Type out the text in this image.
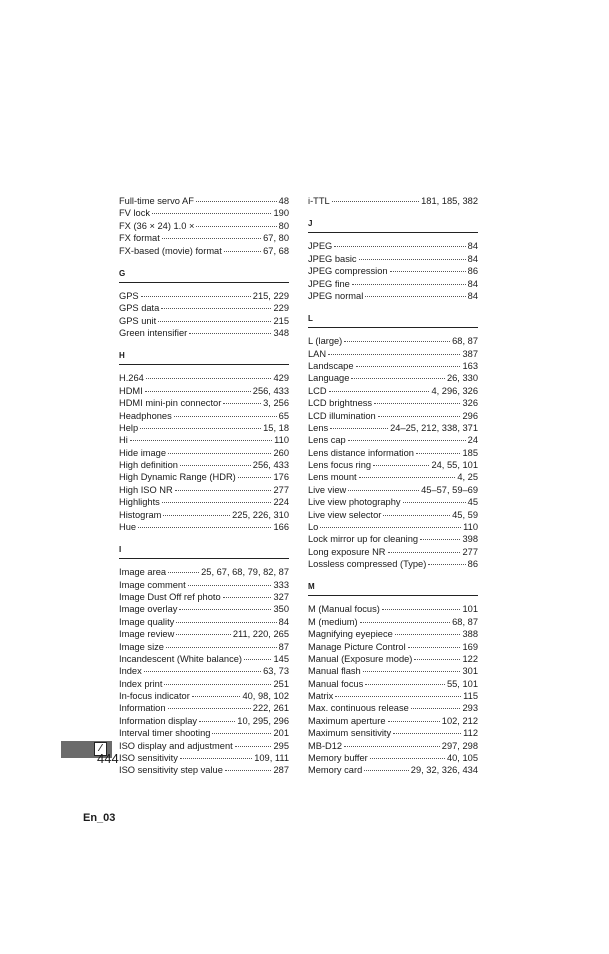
Full-time servo AF	48
FV lock	190
FX (36 × 24) 1.0 ×	80
FX format	67, 80
FX-based (movie) format	67, 68
G
GPS	215, 229
GPS data	229
GPS unit	215
Green intensifier	348
H
H.264	429
HDMI	256, 433
HDMI mini-pin connector	3, 256
Headphones	65
Help	15, 18
Hi	110
Hide image	260
High definition	256, 433
High Dynamic Range (HDR)	176
High ISO NR	277
Highlights	224
Histogram	225, 226, 310
Hue	166
I
Image area	25, 67, 68, 79, 82, 87
Image comment	333
Image Dust Off ref photo	327
Image overlay	350
Image quality	84
Image review	211, 220, 265
Image size	87
Incandescent (White balance)	145
Index	63, 73
Index print	251
In-focus indicator	40, 98, 102
Information	222, 261
Information display	10, 295, 296
Interval timer shooting	201
ISO display and adjustment	295
ISO sensitivity	109, 111
ISO sensitivity step value	287
i-TTL	181, 185, 382
J
JPEG	84
JPEG basic	84
JPEG compression	86
JPEG fine	84
JPEG normal	84
L
L (large)	68, 87
LAN	387
Landscape	163
Language	26, 330
LCD	4, 296, 326
LCD brightness	326
LCD illumination	296
Lens	24–25, 212, 338, 371
Lens cap	24
Lens distance information	185
Lens focus ring	24, 55, 101
Lens mount	4, 25
Live view	45–57, 59–69
Live view photography	45
Live view selector	45, 59
Lo	110
Lock mirror up for cleaning	398
Long exposure NR	277
Lossless compressed (Type)	86
M
M (Manual focus)	101
M (medium)	68, 87
Magnifying eyepiece	388
Manage Picture Control	169
Manual (Exposure mode)	122
Manual flash	301
Manual focus	55, 101
Matrix	115
Max. continuous release	293
Maximum aperture	102, 212
Maximum sensitivity	112
MB-D12	297, 298
Memory buffer	40, 105
Memory card	29, 32, 326, 434
⁄
444
En_03
